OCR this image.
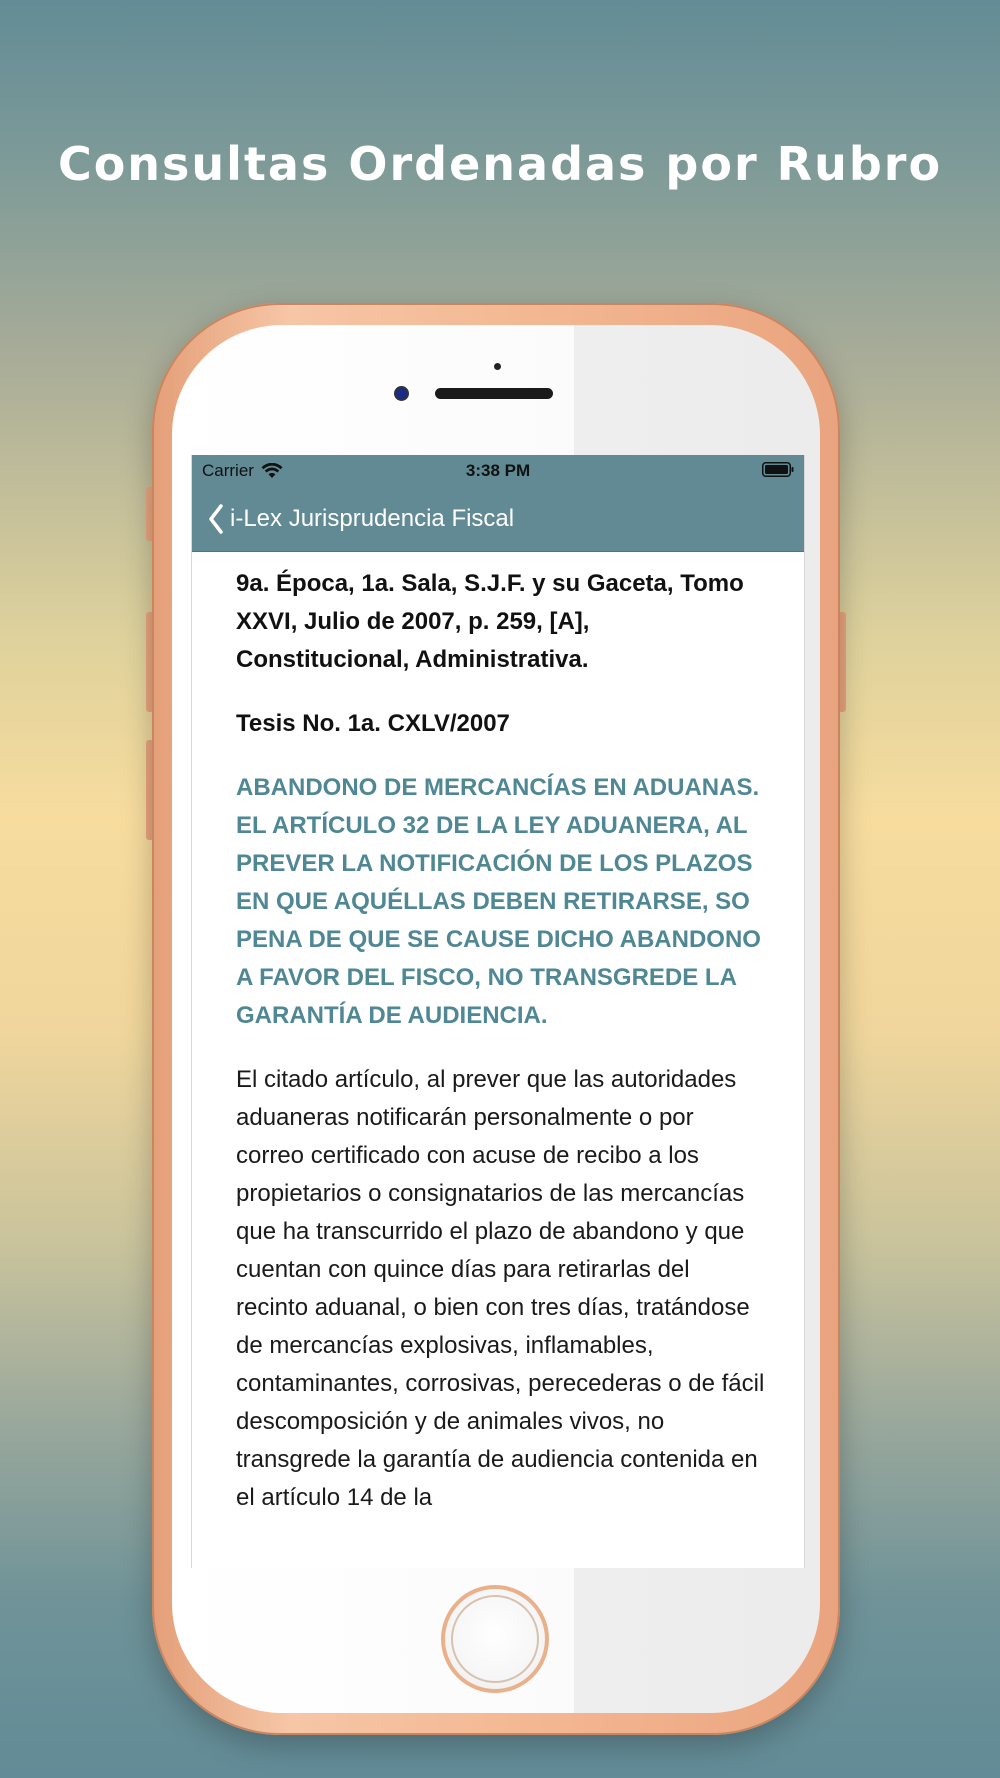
Consultas Ordenadas por Rubro
Carrier	3:38 PM
i-Lex Jurisprudencia Fiscal

9a. Época, 1a. Sala, S.J.F. y su Gaceta, Tomo XXVI, Julio de 2007, p. 259, [A], Constitucional, Administrativa.

Tesis No. 1a. CXLV/2007

ABANDONO DE MERCANCÍAS EN ADUANAS. EL ARTÍCULO 32 DE LA LEY ADUANERA, AL PREVER LA NOTIFICACIÓN DE LOS PLAZOS EN QUE AQUÉLLAS DEBEN RETIRARSE, SO PENA DE QUE SE CAUSE DICHO ABANDONO A FAVOR DEL FISCO, NO TRANSGREDE LA GARANTÍA DE AUDIENCIA.

El citado artículo, al prever que las autoridades aduaneras notificarán personalmente o por correo certificado con acuse de recibo a los propietarios o consignatarios de las mercancías que ha transcurrido el plazo de abandono y que cuentan con quince días para retirarlas del recinto aduanal, o bien con tres días, tratándose de mercancías explosivas, inflamables, contaminantes, corrosivas, perecederas o de fácil descomposición y de animales vivos, no transgrede la garantía de audiencia contenida en el artículo 14 de la
